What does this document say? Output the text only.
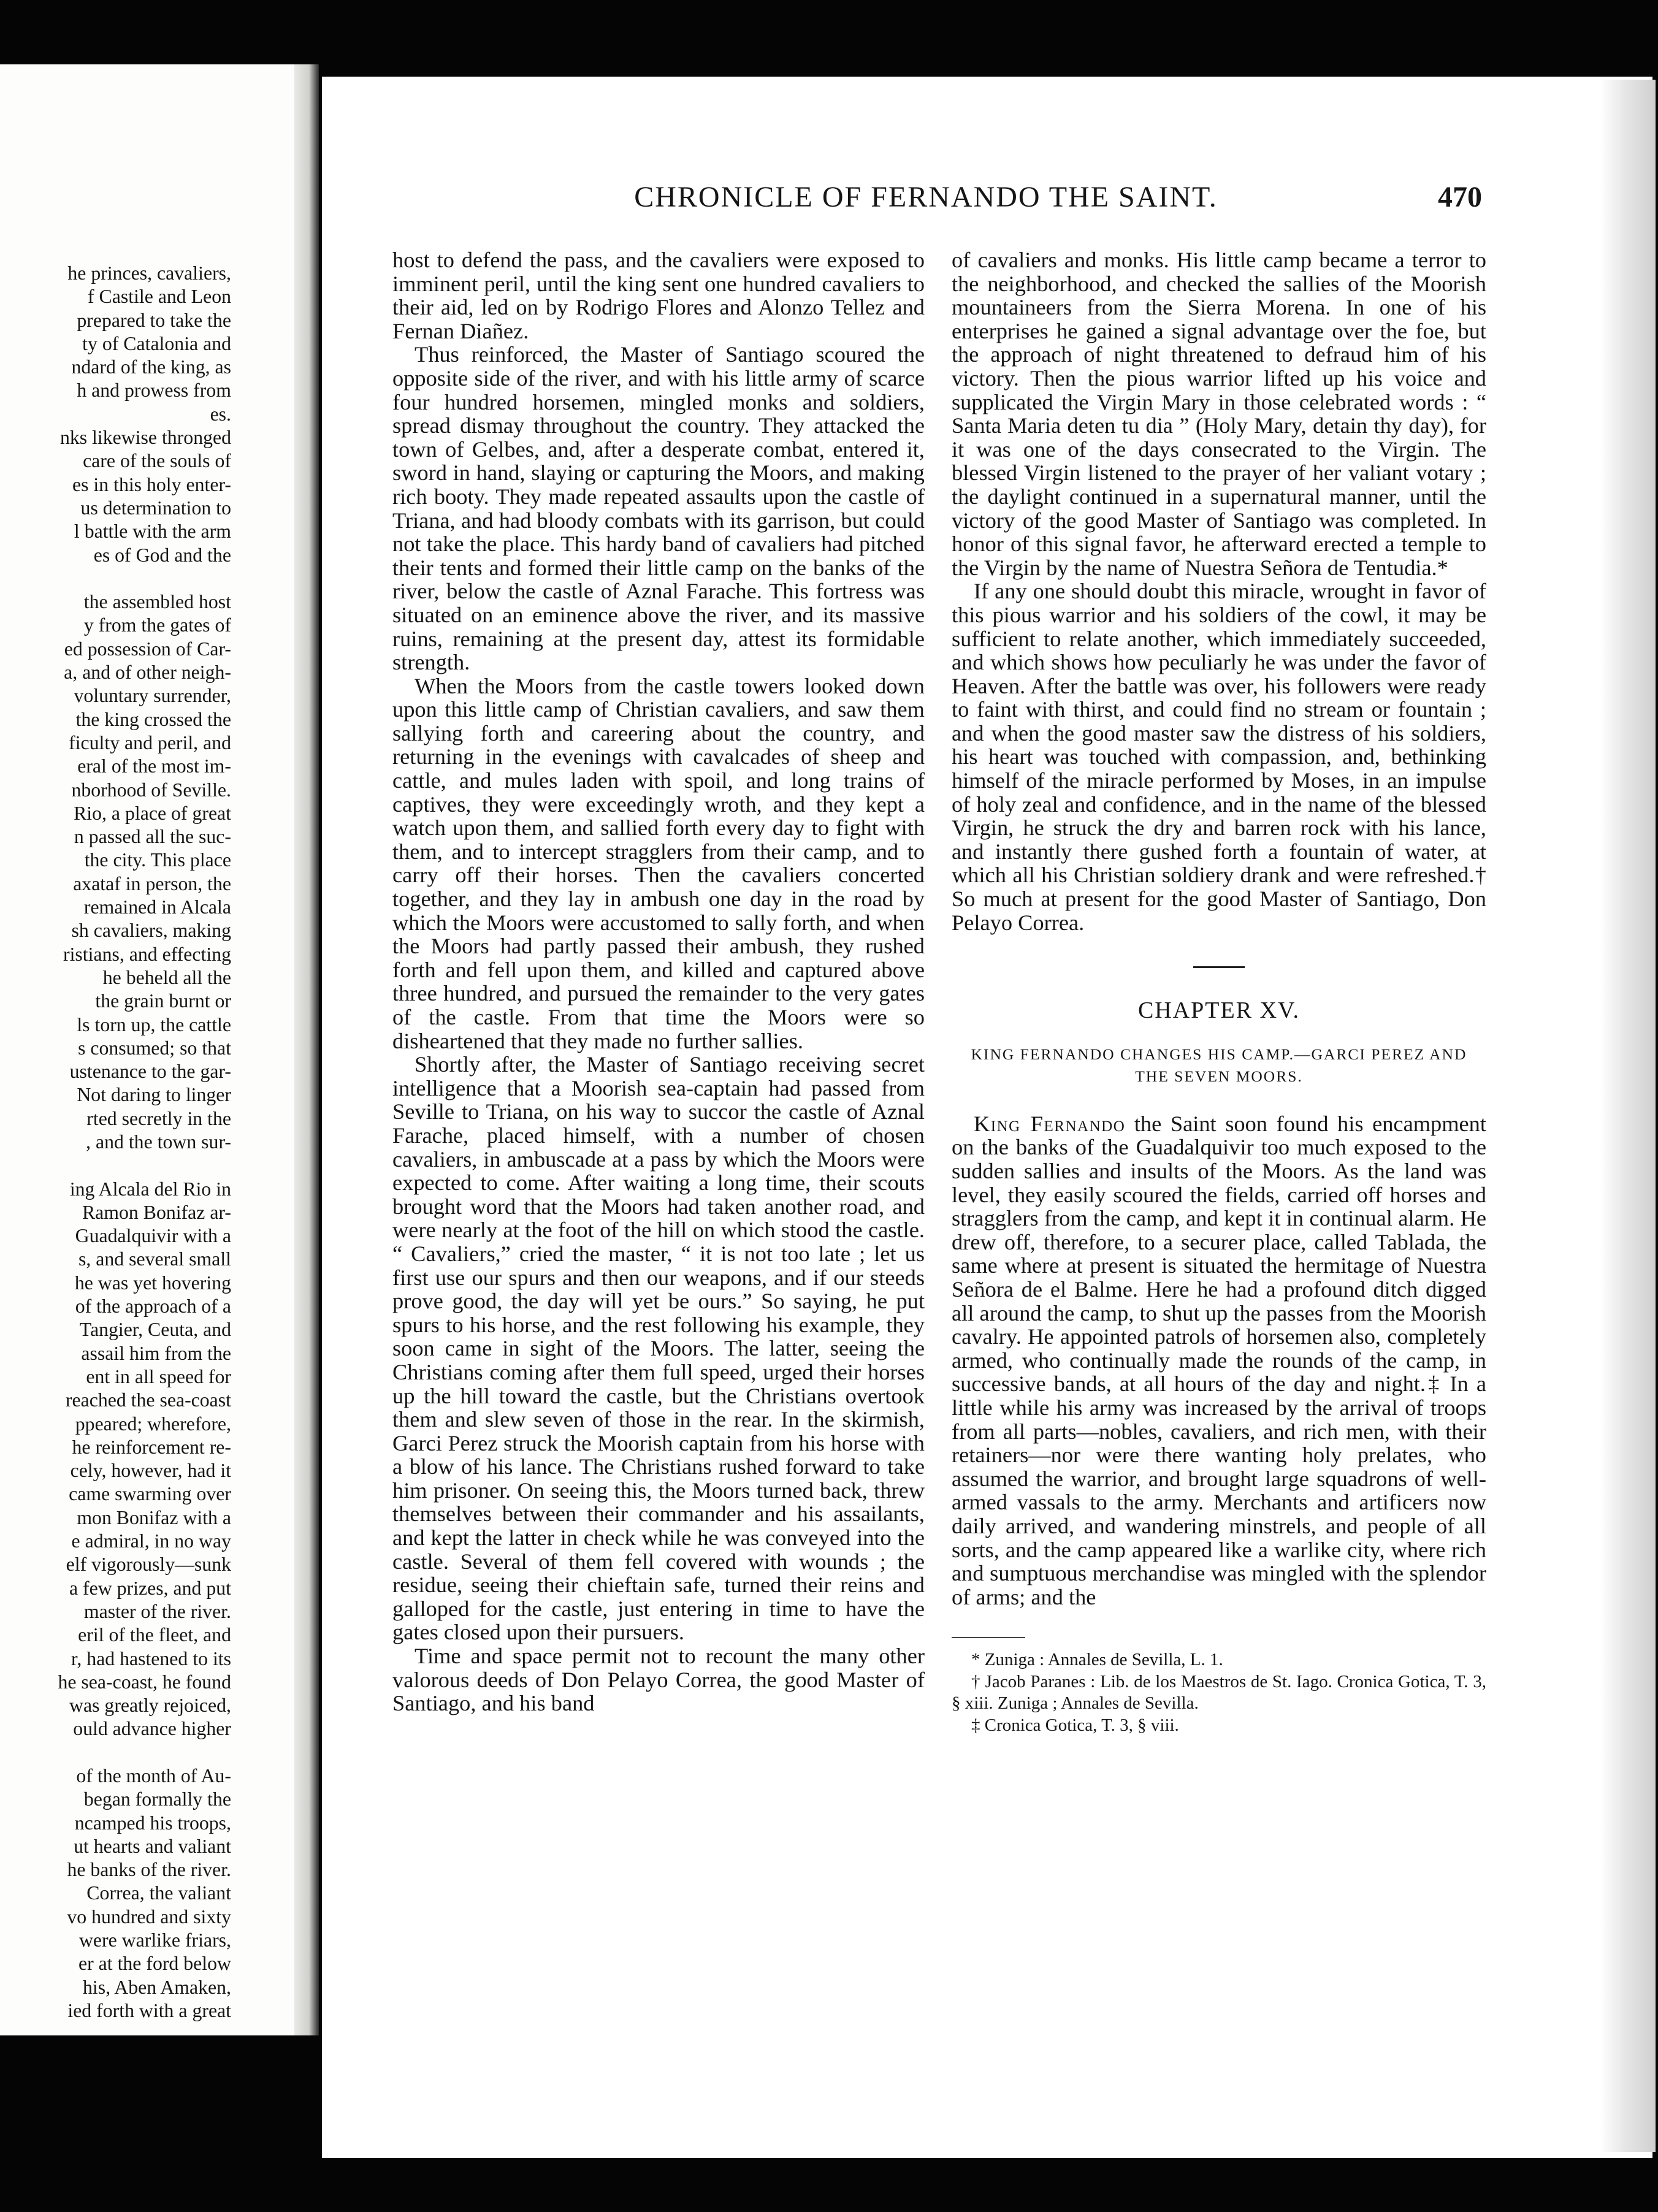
he princes, cavaliers,
f Castile and Leon
prepared to take the
ty of Catalonia and
ndard of the king, as
h and prowess from
es.
nks likewise thronged
care of the souls of
es in this holy enter-
us determination to
l battle with the arm
es of God and the
the assembled host
y from the gates of
ed possession of Car-
a, and of other neigh-
voluntary surrender,
the king crossed the
ficulty and peril, and
eral of the most im-
nborhood of Seville.
Rio, a place of great
n passed all the suc-
the city. This place
axataf in person, the
remained in Alcala
sh cavaliers, making
ristians, and effecting
he beheld all the
the grain burnt or
ls torn up, the cattle
s consumed; so that
ustenance to the gar-
Not daring to linger
rted secretly in the
, and the town sur-
ing Alcala del Rio in
Ramon Bonifaz ar-
Guadalquivir with a
s, and several small
he was yet hovering
of the approach of a
Tangier, Ceuta, and
assail him from the
ent in all speed for
reached the sea-coast
ppeared; wherefore,
he reinforcement re-
cely, however, had it
came swarming over
mon Bonifaz with a
e admiral, in no way
elf vigorously—sunk
a few prizes, and put
master of the river.
eril of the fleet, and
r, had hastened to its
he sea-coast, he found
was greatly rejoiced,
ould advance higher
of the month of Au-
began formally the
ncamped his troops,
ut hearts and valiant
he banks of the river.
Correa, the valiant
vo hundred and sixty
were warlike friars,
er at the ford below
his, Aben Amaken,
ied forth with a great
CHRONICLE OF FERNANDO THE SAINT.	470

host to defend the pass, and the cavaliers were exposed to imminent peril, until the king sent one hundred cavaliers to their aid, led on by Rodrigo Flores and Alonzo Tellez and Fernan Diañez.

Thus reinforced, the Master of Santiago scoured the opposite side of the river, and with his little army of scarce four hundred horsemen, mingled monks and soldiers, spread dismay throughout the country. They attacked the town of Gelbes, and, after a desperate combat, entered it, sword in hand, slaying or capturing the Moors, and making rich booty. They made repeated assaults upon the castle of Triana, and had bloody combats with its garrison, but could not take the place. This hardy band of cavaliers had pitched their tents and formed their little camp on the banks of the river, below the castle of Aznal Farache. This fortress was situated on an eminence above the river, and its massive ruins, remaining at the present day, attest its formidable strength.

When the Moors from the castle towers looked down upon this little camp of Christian cavaliers, and saw them sallying forth and careering about the country, and returning in the evenings with cavalcades of sheep and cattle, and mules laden with spoil, and long trains of captives, they were exceedingly wroth, and they kept a watch upon them, and sallied forth every day to fight with them, and to intercept stragglers from their camp, and to carry off their horses. Then the cavaliers concerted together, and they lay in ambush one day in the road by which the Moors were accustomed to sally forth, and when the Moors had partly passed their ambush, they rushed forth and fell upon them, and killed and captured above three hundred, and pursued the remainder to the very gates of the castle. From that time the Moors were so disheartened that they made no further sallies.

Shortly after, the Master of Santiago receiving secret intelligence that a Moorish sea-captain had passed from Seville to Triana, on his way to succor the castle of Aznal Farache, placed himself, with a number of chosen cavaliers, in ambuscade at a pass by which the Moors were expected to come. After waiting a long time, their scouts brought word that the Moors had taken another road, and were nearly at the foot of the hill on which stood the castle. “ Cavaliers,” cried the master, “ it is not too late ; let us first use our spurs and then our weapons, and if our steeds prove good, the day will yet be ours.” So saying, he put spurs to his horse, and the rest following his example, they soon came in sight of the Moors. The latter, seeing the Christians coming after them full speed, urged their horses up the hill toward the castle, but the Christians overtook them and slew seven of those in the rear. In the skirmish, Garci Perez struck the Moorish captain from his horse with a blow of his lance. The Christians rushed forward to take him prisoner. On seeing this, the Moors turned back, threw themselves between their commander and his assailants, and kept the latter in check while he was conveyed into the castle. Several of them fell covered with wounds ; the residue, seeing their chieftain safe, turned their reins and galloped for the castle, just entering in time to have the gates closed upon their pursuers.

Time and space permit not to recount the many other valorous deeds of Don Pelayo Correa, the good Master of Santiago, and his band

of cavaliers and monks. His little camp became a terror to the neighborhood, and checked the sallies of the Moorish mountaineers from the Sierra Morena. In one of his enterprises he gained a signal advantage over the foe, but the approach of night threatened to defraud him of his victory. Then the pious warrior lifted up his voice and supplicated the Virgin Mary in those celebrated words : “ Santa Maria deten tu dia ” (Holy Mary, detain thy day), for it was one of the days consecrated to the Virgin. The blessed Virgin listened to the prayer of her valiant votary ; the daylight continued in a supernatural manner, until the victory of the good Master of Santiago was completed. In honor of this signal favor, he afterward erected a temple to the Virgin by the name of Nuestra Señora de Tentudia.*

If any one should doubt this miracle, wrought in favor of this pious warrior and his soldiers of the cowl, it may be sufficient to relate another, which immediately succeeded, and which shows how peculiarly he was under the favor of Heaven. After the battle was over, his followers were ready to faint with thirst, and could find no stream or fountain ; and when the good master saw the distress of his soldiers, his heart was touched with compassion, and, bethinking himself of the miracle performed by Moses, in an impulse of holy zeal and confidence, and in the name of the blessed Virgin, he struck the dry and barren rock with his lance, and instantly there gushed forth a fountain of water, at which all his Christian soldiery drank and were refreshed.† So much at present for the good Master of Santiago, Don Pelayo Correa.

CHAPTER XV.
KING FERNANDO CHANGES HIS CAMP.—GARCI PEREZ AND THE SEVEN MOORS.

King Fernando the Saint soon found his encampment on the banks of the Guadalquivir too much exposed to the sudden sallies and insults of the Moors. As the land was level, they easily scoured the fields, carried off horses and stragglers from the camp, and kept it in continual alarm. He drew off, therefore, to a securer place, called Tablada, the same where at present is situated the hermitage of Nuestra Señora de el Balme. Here he had a profound ditch digged all around the camp, to shut up the passes from the Moorish cavalry. He appointed patrols of horsemen also, completely armed, who continually made the rounds of the camp, in successive bands, at all hours of the day and night.‡ In a little while his army was increased by the arrival of troops from all parts—nobles, cavaliers, and rich men, with their retainers—nor were there wanting holy prelates, who assumed the warrior, and brought large squadrons of well-armed vassals to the army. Merchants and artificers now daily arrived, and wandering minstrels, and people of all sorts, and the camp appeared like a warlike city, where rich and sumptuous merchandise was mingled with the splendor of arms; and the

* Zuniga : Annales de Sevilla, L. 1.
† Jacob Paranes : Lib. de los Maestros de St. Iago. Cronica Gotica, T. 3, § xiii. Zuniga ; Annales de Sevilla.
‡ Cronica Gotica, T. 3, § viii.
